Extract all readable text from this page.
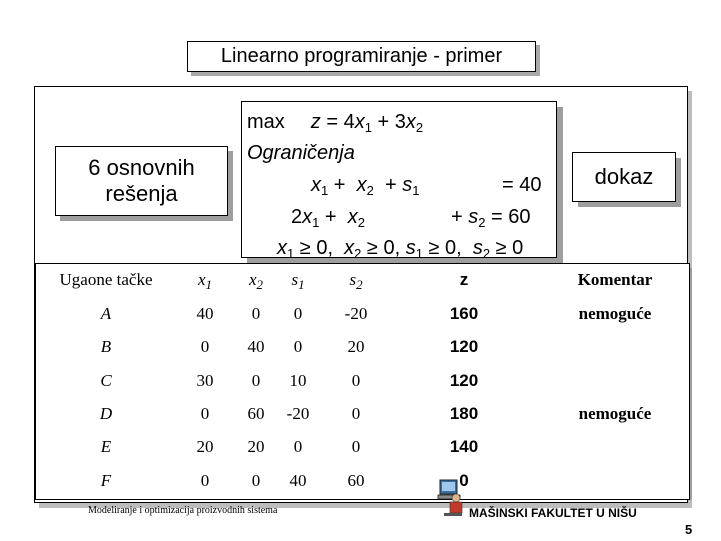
Linearno programiranje - primer
6 osnovnih
rešenja
dokaz
$\max z = 4x_1 + 3x_2$
Ograničenja
$x_1 + x_2 + s_1$	= 40
$2x_1 + x_2$	+ $s_2 = 60$
$x_1 \ge 0$,  $x_2 \ge 0$, $s_1 \ge 0$,  $s_2 \ge 0$
Ugaone tačke	$x_1$ $x_2$ $s_1$	$s_2$	z	Komentar
A	40 0 0 -20	160	nemoguće
B	0 40 0	20	120
C	30 0 10	0	120
D	0 60 -20 0	180	nemoguće
E	20 20 0	0	140
F	0	0 40 60	0
Modeliranje i optimizacija proizvodnih sistema	MAŠINSKI FAKULTET U NIŠU
5
